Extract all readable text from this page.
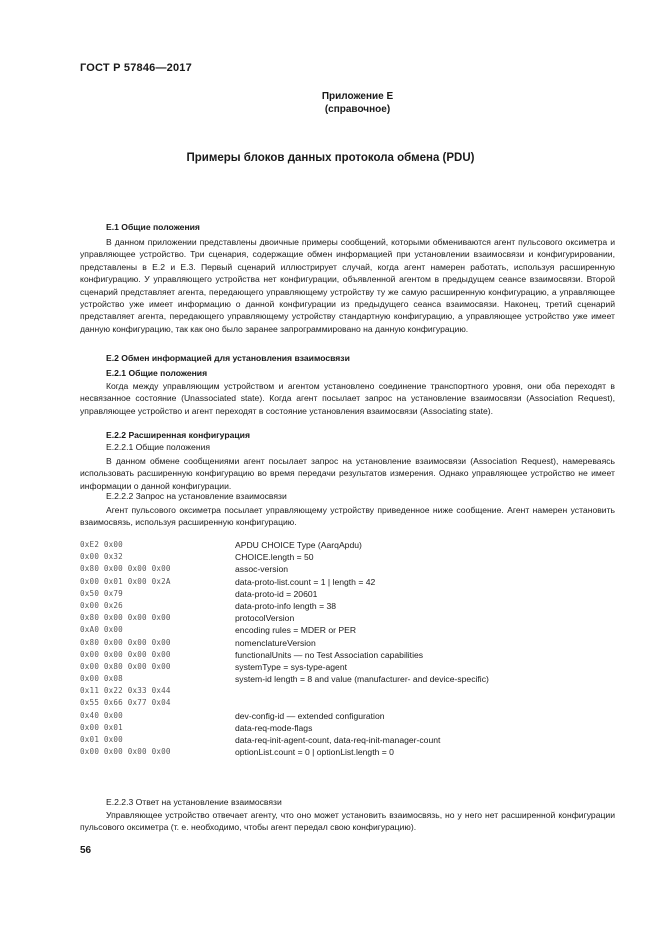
ГОСТ Р 57846—2017
Приложение Е
(справочное)
Примеры блоков данных протокола обмена (PDU)
Е.1 Общие положения
В данном приложении представлены двоичные примеры сообщений, которыми обмениваются агент пульсового оксиметра и управляющее устройство. Три сценария, содержащие обмен информацией при установлении взаимосвязи и конфигурировании, представлены в Е.2 и Е.3. Первый сценарий иллюстрирует случай, когда агент намерен работать, используя расширенную конфигурацию. У управляющего устройства нет конфигурации, объявленной агентом в предыдущем сеансе взаимосвязи. Второй сценарий представляет агента, передающего управляющему устройству ту же самую расширенную конфигурацию, а управляющее устройство уже имеет информацию о данной конфигурации из предыдущего сеанса взаимосвязи. Наконец, третий сценарий представляет агента, передающего управляющему устройству стандартную конфигурацию, а управляющее устройство уже имеет данную конфигурацию, так как оно было заранее запрограммировано на данную конфигурацию.
Е.2 Обмен информацией для установления взаимосвязи
Е.2.1 Общие положения
Когда между управляющим устройством и агентом установлено соединение транспортного уровня, они оба переходят в несвязанное состояние (Unassociated state). Когда агент посылает запрос на установление взаимосвязи (Association Request), управляющее устройство и агент переходят в состояние установления взаимосвязи (Associating state).
Е.2.2 Расширенная конфигурация
Е.2.2.1 Общие положения
В данном обмене сообщениями агент посылает запрос на установление взаимосвязи (Association Request), намереваясь использовать расширенную конфигурацию во время передачи результатов измерения. Однако управляющее устройство не имеет информации о данной конфигурации.
Е.2.2.2 Запрос на установление взаимосвязи
Агент пульсового оксиметра посылает управляющему устройству приведенное ниже сообщение. Агент намерен установить взаимосвязь, используя расширенную конфигурацию.
0xE2 0x00	APDU CHOICE Type (AarqApdu)
0x00 0x32	CHOICE.length = 50
0x80 0x00 0x00 0x00	assoc-version
0x00 0x01 0x00 0x2A	data-proto-list.count = 1 | length = 42
0x50 0x79	data-proto-id = 20601
0x00 0x26	data-proto-info length = 38
0x80 0x00 0x00 0x00	protocolVersion
0xA0 0x00	encoding rules = MDER or PER
0x80 0x00 0x00 0x00	nomenclatureVersion
0x00 0x00 0x00 0x00	functionalUnits — no Test Association capabilities
0x00 0x80 0x00 0x00	systemType = sys-type-agent
0x00 0x08	system-id length = 8 and value (manufacturer- and device-specific)
0x11 0x22 0x33 0x44	
0x55 0x66 0x77 0x04	
0x40 0x00	dev-config-id — extended configuration
0x00 0x01	data-req-mode-flags
0x01 0x00	data-req-init-agent-count, data-req-init-manager-count
0x00 0x00 0x00 0x00	optionList.count = 0 | optionList.length = 0
Е.2.2.3 Ответ на установление взаимосвязи
Управляющее устройство отвечает агенту, что оно может установить взаимосвязь, но у него нет расширенной конфигурации пульсового оксиметра (т. е. необходимо, чтобы агент передал свою конфигурацию).
56
